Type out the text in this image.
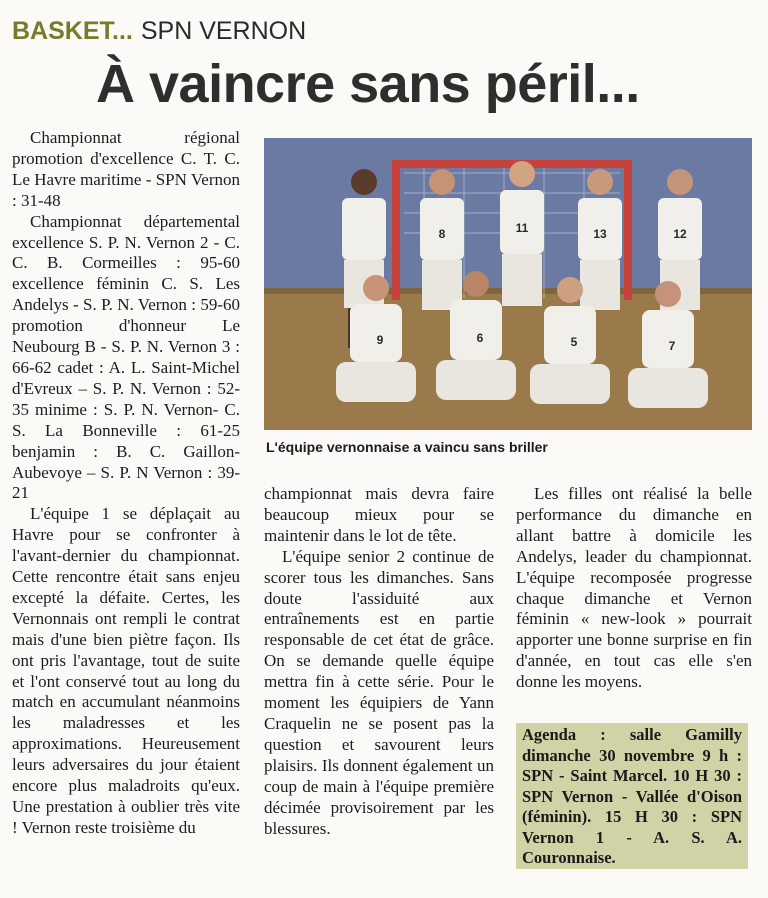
BASKET... SPN VERNON
À vaincre sans péril...

Championnat régional promotion d'excellence C. T. C. Le Havre maritime - SPN Vernon : 31-48

Championnat départemental excellence S. P. N. Vernon 2 - C. C. B. Cormeilles : 95-60 excellence féminin C. S. Les Andelys - S. P. N. Vernon : 59-60 promotion d'honneur Le Neubourg B - S. P. N. Vernon 3 : 66-62 cadet : A. L. Saint-Michel d'Evreux – S. P. N. Vernon : 52-35 minime : S. P. N. Vernon- C. S. La Bonneville : 61-25 benjamin : B. C. Gaillon-Aubevoye – S. P. N Vernon : 39-21

L'équipe 1 se déplaçait au Havre pour se confronter à l'avant-dernier du championnat. Cette rencontre était sans enjeu excepté la défaite. Certes, les Vernonnais ont rempli le contrat mais d'une bien piètre façon. Ils ont pris l'avantage, tout de suite et l'ont conservé tout au long du match en accumulant néanmoins les maladresses et les approximations. Heureusement leurs adversaires du jour étaient encore plus maladroits qu'eux. Une prestation à oublier très vite ! Vernon reste troisième du

8	11	13	12
9	6	5	7
L'équipe vernonnaise a vaincu sans briller

championnat mais devra faire beaucoup mieux pour se maintenir dans le lot de tête.

L'équipe senior 2 continue de scorer tous les dimanches. Sans doute l'assiduité aux entraînements est en partie responsable de cet état de grâce. On se demande quelle équipe mettra fin à cette série. Pour le moment les équipiers de Yann Craquelin ne se posent pas la question et savourent leurs plaisirs. Ils donnent également un coup de main à l'équipe première décimée provisoirement par les blessures.

Les filles ont réalisé la belle performance du dimanche en allant battre à domicile les Andelys, leader du championnat. L'équipe recomposée progresse chaque dimanche et Vernon féminin « new-look » pourrait apporter une bonne surprise en fin d'année, en tout cas elle s'en donne les moyens.

Agenda : salle Gamilly dimanche 30 novembre 9 h : SPN - Saint Marcel. 10 H 30 : SPN Vernon - Vallée d'Oison (féminin). 15 H 30 : SPN Vernon 1 - A. S. A. Couronnaise.
